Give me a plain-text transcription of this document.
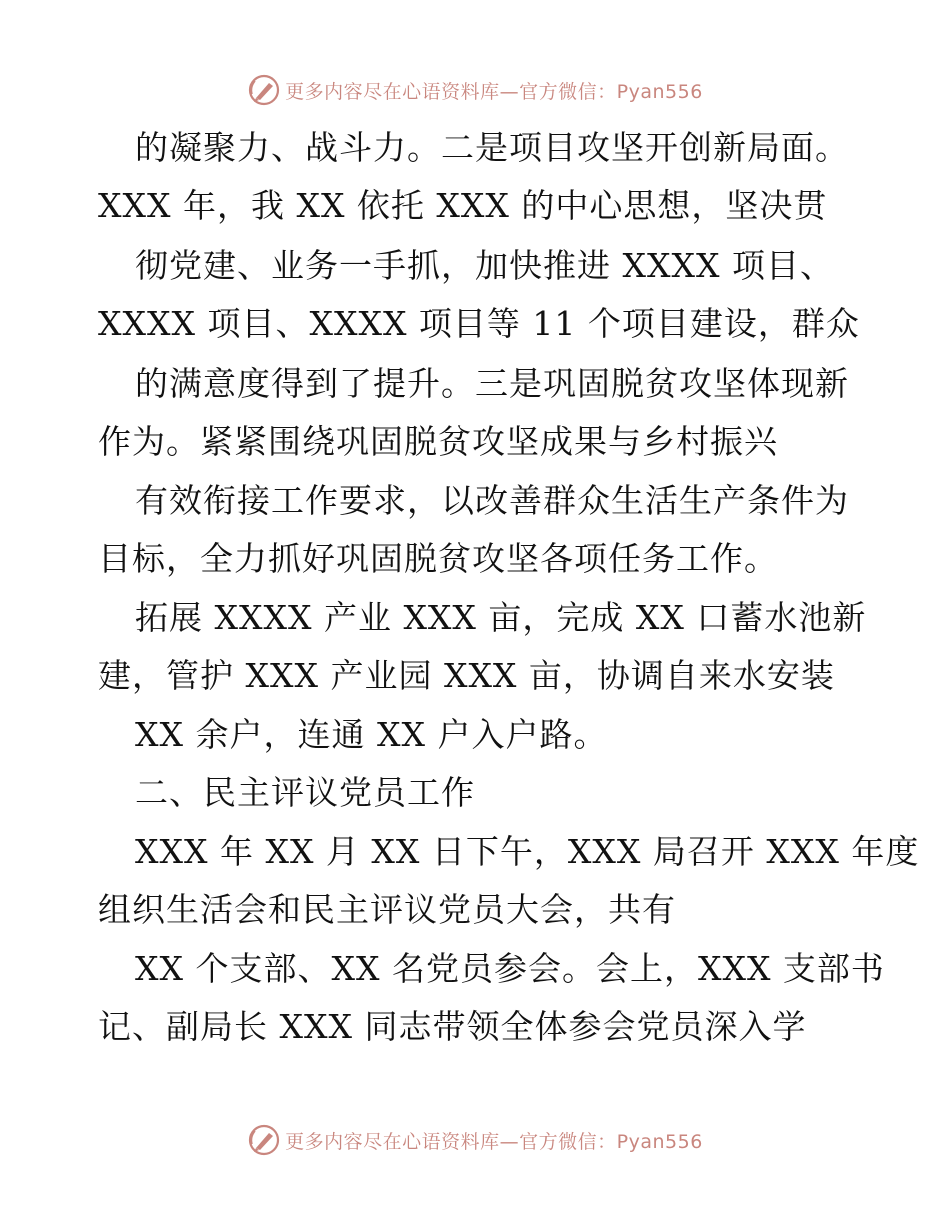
更多内容尽在心语资料库—官方微信：Pyan556
的凝聚力、战斗力。二是项目攻坚开创新局面。
XXX 年，我 XX 依托 XXX 的中心思想，坚决贯
彻党建、业务一手抓，加快推进 XXXX 项目、
XXXX 项目、XXXX 项目等 11 个项目建设，群众
的满意度得到了提升。三是巩固脱贫攻坚体现新
作为。紧紧围绕巩固脱贫攻坚成果与乡村振兴
有效衔接工作要求，以改善群众生活生产条件为
目标，全力抓好巩固脱贫攻坚各项任务工作。
拓展 XXXX 产业 XXX 亩，完成 XX 口蓄水池新
建，管护 XXX 产业园 XXX 亩，协调自来水安装
XX 余户，连通 XX 户入户路。
二、民主评议党员工作
XXX 年 XX 月 XX 日下午，XXX 局召开 XXX 年度
组织生活会和民主评议党员大会，共有
XX 个支部、XX 名党员参会。会上，XXX 支部书
记、副局长 XXX 同志带领全体参会党员深入学
更多内容尽在心语资料库—官方微信：Pyan556
